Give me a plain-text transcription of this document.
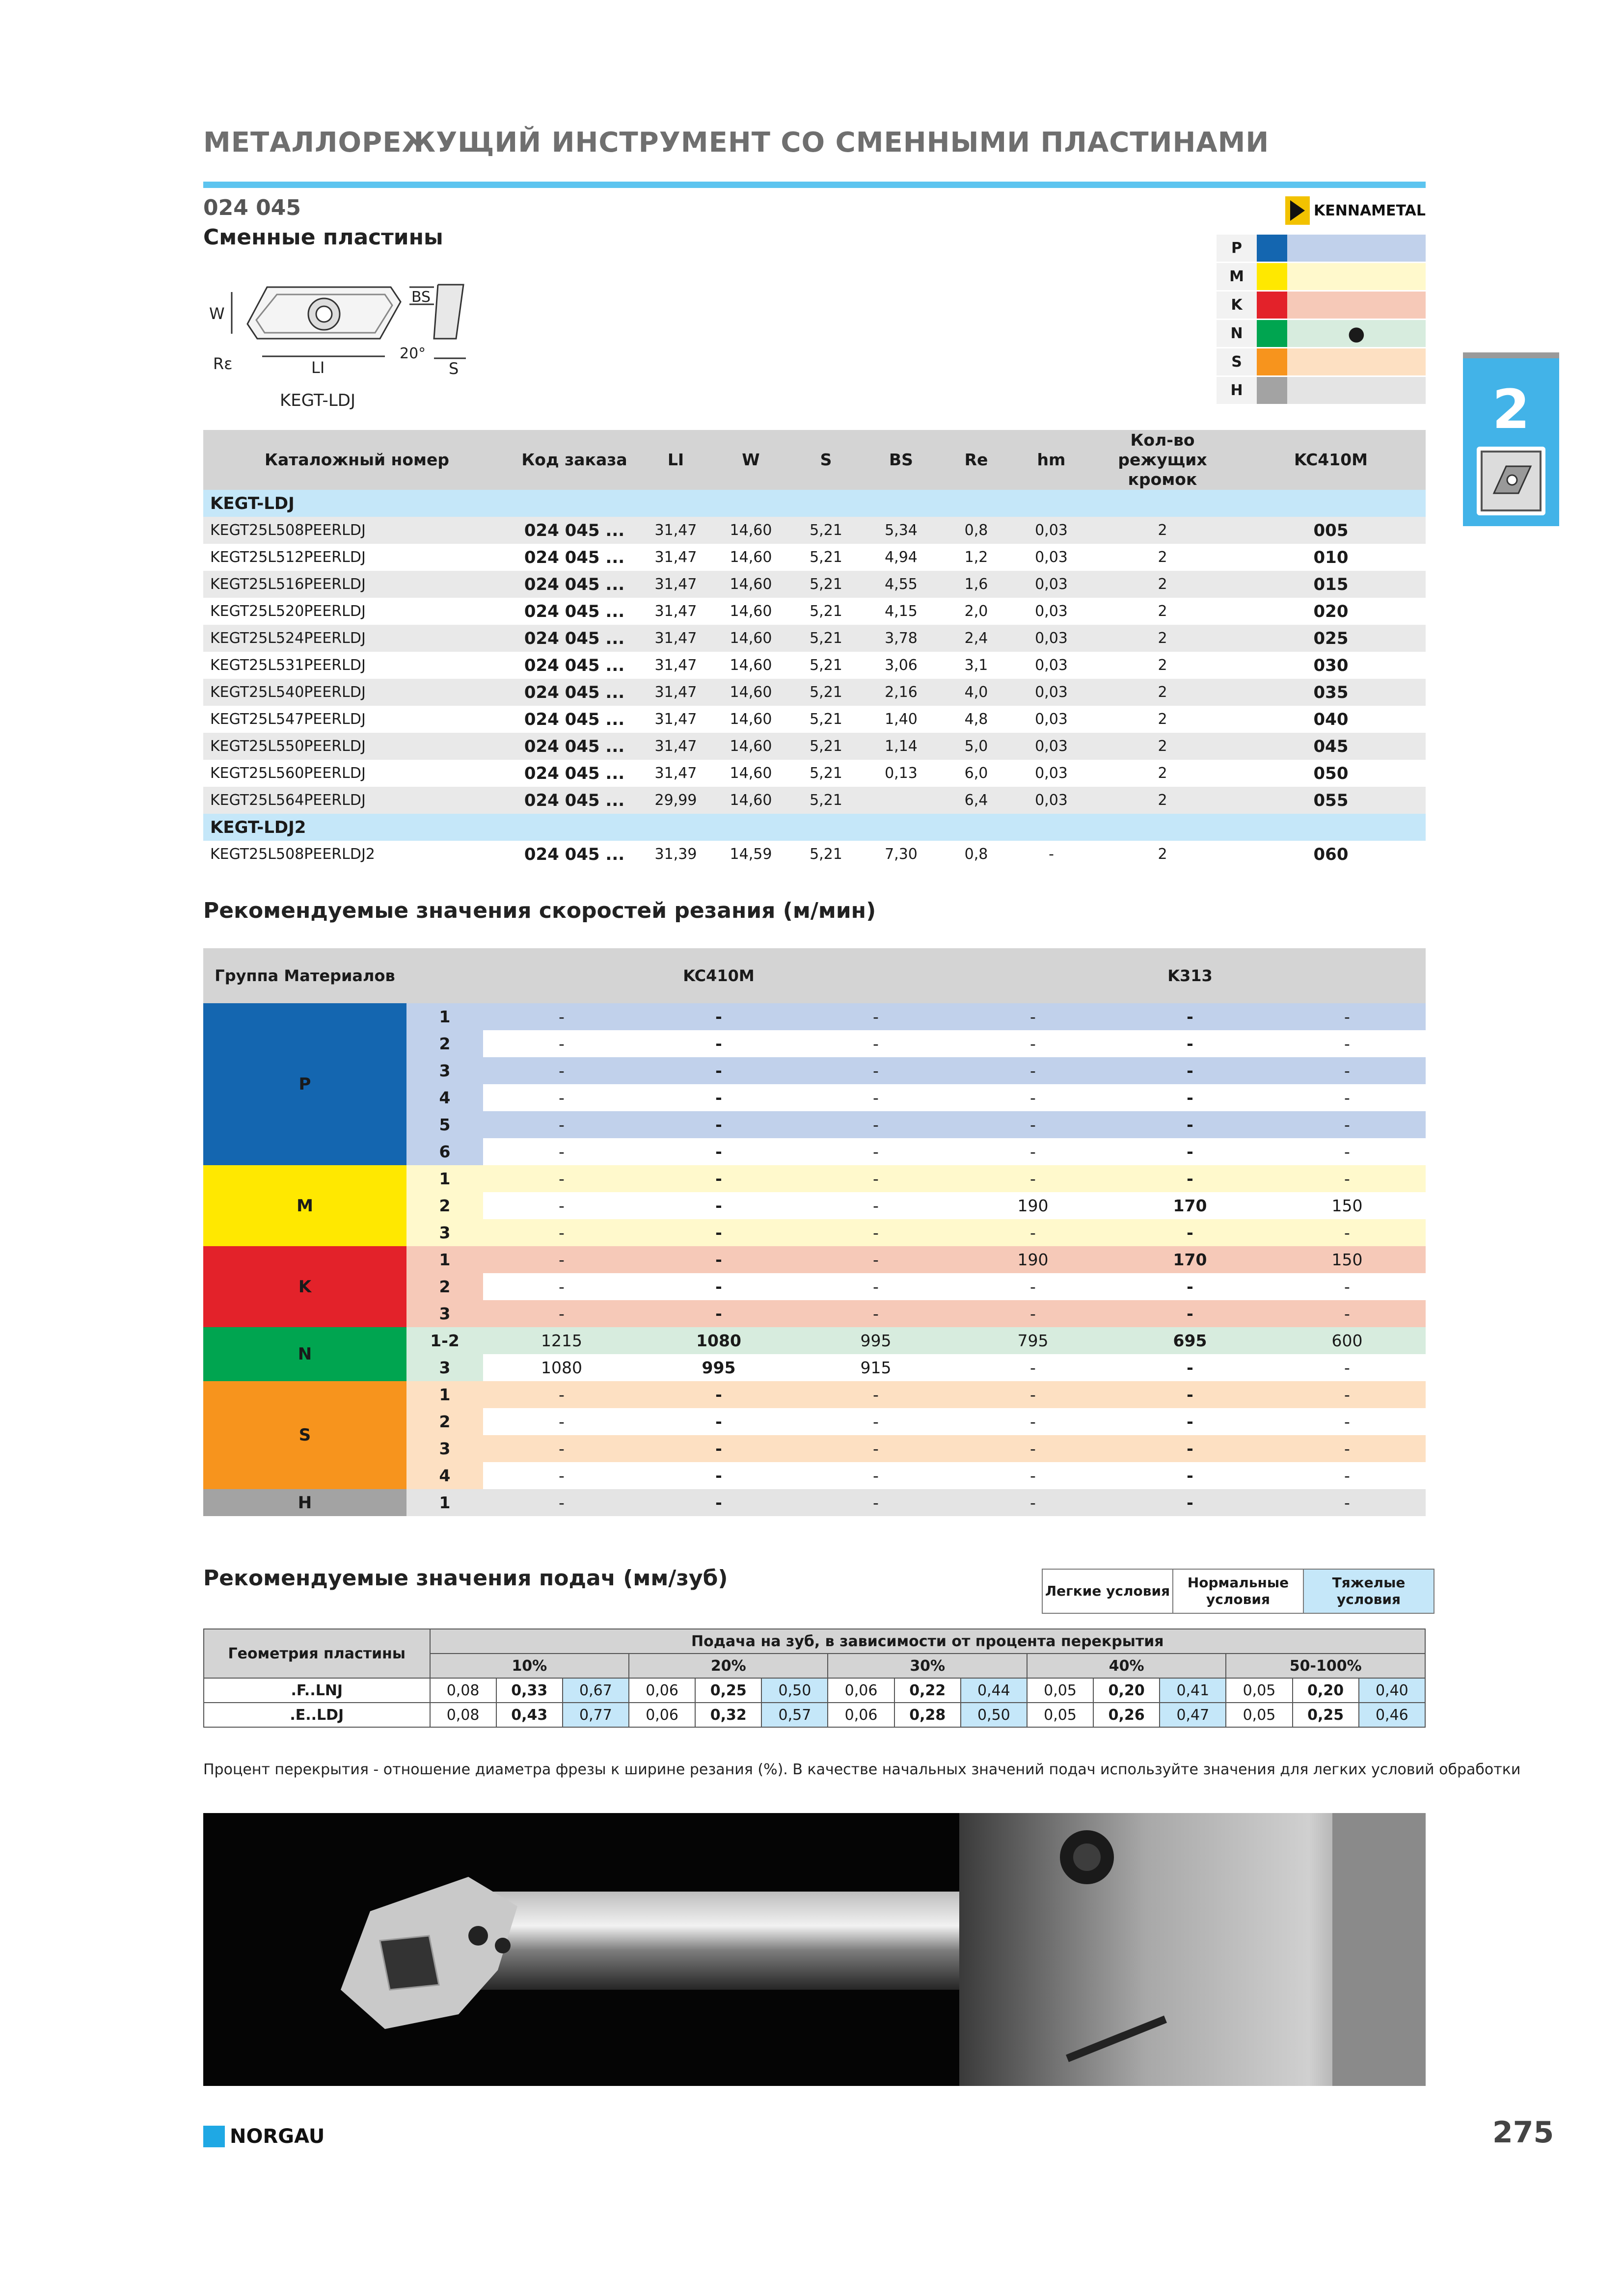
МЕТАЛЛОРЕЖУЩИЙ ИНСТРУМЕНТ СО СМЕННЫМИ ПЛАСТИНАМИ
024 045
Сменные пластины
KENNAMETAL
P
M
K
N	●
S
H
W
BS
Rε	LI
20°
S
KEGT-LDJ	2
Каталожный номер	Код заказа	LI	W	S	BS	Re	hm	Кол-во режущих кромок	KC410M
KEGT-LDJ									
KEGT25L508PEERLDJ	024 045 ...	31,47	14,60	5,21	5,34	0,8	0,03	2	005
KEGT25L512PEERLDJ	024 045 ...	31,47	14,60	5,21	4,94	1,2	0,03	2	010
KEGT25L516PEERLDJ	024 045 ...	31,47	14,60	5,21	4,55	1,6	0,03	2	015
KEGT25L520PEERLDJ	024 045 ...	31,47	14,60	5,21	4,15	2,0	0,03	2	020
KEGT25L524PEERLDJ	024 045 ...	31,47	14,60	5,21	3,78	2,4	0,03	2	025
KEGT25L531PEERLDJ	024 045 ...	31,47	14,60	5,21	3,06	3,1	0,03	2	030
KEGT25L540PEERLDJ	024 045 ...	31,47	14,60	5,21	2,16	4,0	0,03	2	035
KEGT25L547PEERLDJ	024 045 ...	31,47	14,60	5,21	1,40	4,8	0,03	2	040
KEGT25L550PEERLDJ	024 045 ...	31,47	14,60	5,21	1,14	5,0	0,03	2	045
KEGT25L560PEERLDJ	024 045 ...	31,47	14,60	5,21	0,13	6,0	0,03	2	050
KEGT25L564PEERLDJ	024 045 ...	29,99	14,60	5,21		6,4	0,03	2	055
KEGT-LDJ2									
KEGT25L508PEERLDJ2	024 045 ...	31,39	14,59	5,21	7,30	0,8	-	2	060
Рекомендуемые значения скоростей резания (м/мин)
Группа Материалов		KC410M			K313		
P	1	-	-	-	-	-	-
	2	-	-	-	-	-	-
	3	-	-	-	-	-	-
	4	-	-	-	-	-	-
	5	-	-	-	-	-	-
	6	-	-	-	-	-	-
M	1	-	-	-	-	-	-
	2	-	-	-	190	170	150
	3	-	-	-	-	-	-
K	1	-	-	-	190	170	150
	2	-	-	-	-	-	-
	3	-	-	-	-	-	-
N	1-2	1215	1080	995	795	695	600
	3	1080	995	915	-	-	-
S	1	-	-	-	-	-	-
	2	-	-	-	-	-	-
	3	-	-	-	-	-	-
	4	-	-	-	-	-	-
H	1	-	-	-	-	-	-
Рекомендуемые значения подач (мм/зуб)
Легкие условия	Нормальные условия	Тяжелые условия
Геометрия пластины	Подача на зуб, в зависимости от процента перекрытия														
	10%			20%			30%			40%			50-100%		
.F..LNJ	0,08	0,33	0,67	0,06	0,25	0,50	0,06	0,22	0,44	0,05	0,20	0,41	0,05	0,20	0,40
.E..LDJ	0,08	0,43	0,77	0,06	0,32	0,57	0,06	0,28	0,50	0,05	0,26	0,47	0,05	0,25	0,46
Процент перекрытия - отношение диаметра фрезы к ширине резания (%). В качестве начальных значений подач используйте значения для легких условий обработки
NORGAU	275
